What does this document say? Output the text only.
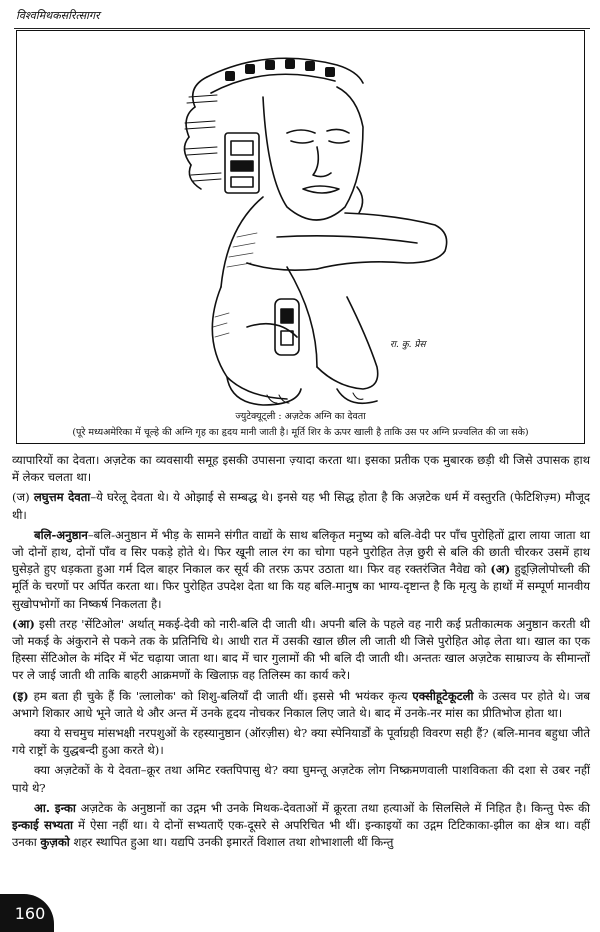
विश्वमिथकसरित्सागर
रा. कु. प्रेस
ज्युटेक्यूट्ली : अज़टेक अग्नि का देवता
(पूरे मध्यअमेरिका में चूल्हे की अग्नि गृह का हृदय मानी जाती है। मूर्ति शिर के ऊपर खाली है ताकि उस पर अग्नि प्रज्वलित की जा सके)

व्यापारियों का देवता। अज़टेक का व्यवसायी समूह इसकी उपासना ज़्यादा करता था। इसका प्रतीक एक मुबारक छड़ी थी जिसे उपासक हाथ में लेकर चलता था।

(ज) लघुत्तम देवता–ये घरेलू देवता थे। ये ओझाई से सम्बद्ध थे। इनसे यह भी सिद्ध होता है कि अज़टेक धर्म में वस्तुरति (फेटिशिज़्म) मौजूद थी।

बलि-अनुष्ठान–बलि-अनुष्ठान में भीड़ के सामने संगीत वाद्यों के साथ बलिकृत मनुष्य को बलि-वेदी पर पाँच पुरोहितों द्वारा लाया जाता था जो दोनों हाथ, दोनों पाँव व सिर पकड़े होते थे। फिर खूनी लाल रंग का चोगा पहने पुरोहित तेज़ छुरी से बलि की छाती चीरकर उसमें हाथ घुसेड़ते हुए धड़कता हुआ गर्म दिल बाहर निकाल कर सूर्य की तरफ़ ऊपर उठाता था। फिर वह रक्तरंजित नैवेद्य को (अ) हुइ्ज़िलोपोच्ली की मूर्ति के चरणों पर अर्पित करता था। फिर पुरोहित उपदेश देता था कि यह बलि-मानुष का भाग्य-दृष्टान्त है कि मृत्यु के हाथों में सम्पूर्ण मानवीय सुखोपभोगों का निष्कर्ष निकलता है।

(आ) इसी तरह 'सेंटिओल' अर्थात् मकई-देवी को नारी-बलि दी जाती थी। अपनी बलि के पहले वह नारी कई प्रतीकात्मक अनुष्ठान करती थी जो मकई के अंकुराने से पकने तक के प्रतिनिधि थे। आधी रात में उसकी खाल छील ली जाती थी जिसे पुरोहित ओढ़ लेता था। खाल का एक हिस्सा सेंटिओल के मंदिर में भेंट चढ़ाया जाता था। बाद में चार गुलामों की भी बलि दी जाती थी। अन्ततः खाल अज़टेक साम्राज्य के सीमान्तों पर ले जाई जाती थी ताकि बाहरी आक्रमणों के खिलाफ़ वह तिलिस्म का कार्य करे।

(इ) हम बता ही चुके हैं कि 'त्लालोक' को शिशु-बलियाँ दी जाती थीं। इससे भी भयंकर कृत्य एक्सीहूटेकूटली के उत्सव पर होते थे। जब अभागे शिकार आधे भूने जाते थे और अन्त में उनके हृदय नोचकर निकाल लिए जाते थे। बाद में उनके-नर मांस का प्रीतिभोज होता था।

क्या ये सचमुच मांसभक्षी नरपशुओं के रहस्यानुष्ठान (ऑरज़ीस) थे? क्या स्पेनियार्डों के पूर्वाग्रही विवरण सही हैं? (बलि-मानव बहुधा जीते गये राष्ट्रों के युद्धबन्दी हुआ करते थे)।

क्या अज़टेकों के ये देवता–क्रूर तथा अमिट रक्तपिपासु थे? क्या घुमन्तू अज़टेक लोग निष्क्रमणवाली पाशविकता की दशा से उबर नहीं पाये थे?

आ. इन्का अज़टेक के अनुष्ठानों का उद्गम भी उनके मिथक-देवताओं में क्रूरता तथा हत्याओं के सिलसिले में निहित है। किन्तु पेरू की इन्काई सभ्यता में ऐसा नहीं था। ये दोनों सभ्यताएँ एक-दूसरे से अपरिचित भी थीं। इन्काइयों का उद्गम टिटिकाका-झील का क्षेत्र था। वहीं उनका कुज़को शहर स्थापित हुआ था। यद्यपि उनकी इमारतें विशाल तथा शोभाशाली थीं किन्तु

160
